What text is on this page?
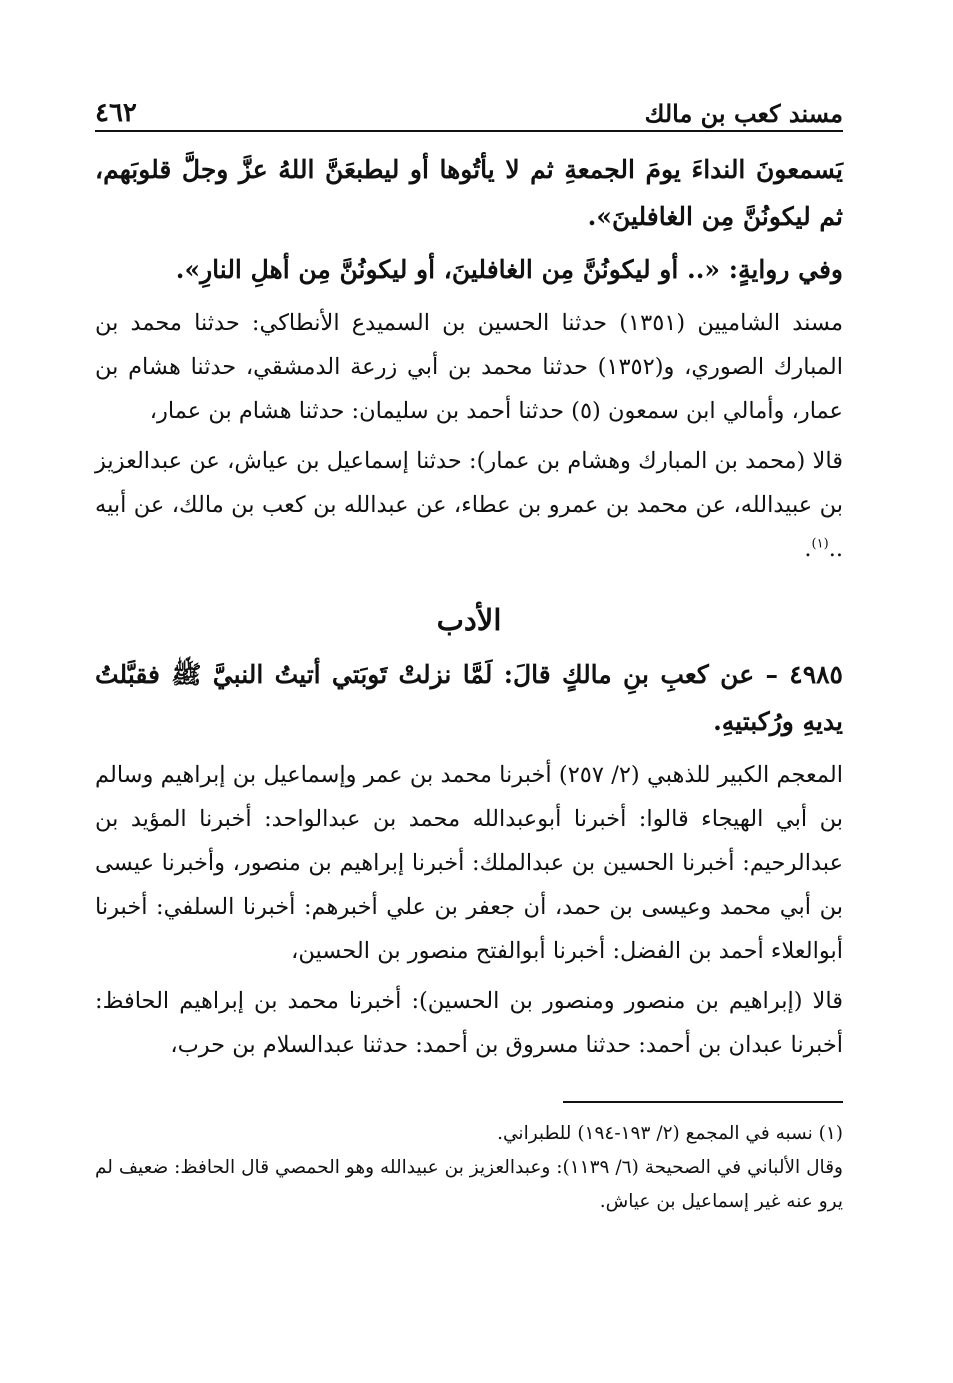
مسند كعب بن مالك
٤٦٢

يَسمعونَ النداءَ يومَ الجمعةِ ثم لا يأتُوها أو ليطبعَنَّ اللهُ عزَّ وجلَّ قلوبَهم، ثم ليكونُنَّ مِن الغافلينَ».

وفي روايةٍ: «.. أو ليكونُنَّ مِن الغافلينَ، أو ليكونُنَّ مِن أهلِ النارِ».

مسند الشاميين (١٣٥١) حدثنا الحسين بن السميدع الأنطاكي: حدثنا محمد بن المبارك الصوري، و(١٣٥٢) حدثنا محمد بن أبي زرعة الدمشقي، حدثنا هشام بن عمار، وأمالي ابن سمعون (٥) حدثنا أحمد بن سليمان: حدثنا هشام بن عمار،

قالا (محمد بن المبارك وهشام بن عمار): حدثنا إسماعيل بن عياش، عن عبدالعزيز بن عبيدالله، عن محمد بن عمرو بن عطاء، عن عبدالله بن كعب بن مالك، عن أبيه ..$^{(١)}$.

الأدب

٤٩٨٥ – عن كعبِ بنِ مالكٍ قالَ: لَمَّا نزلتْ تَوبَتي أتيتُ النبيَّ ﷺ فقبَّلتُ يديهِ ورُكبتيهِ.

المعجم الكبير للذهبي (٢/ ٢٥٧) أخبرنا محمد بن عمر وإسماعيل بن إبراهيم وسالم بن أبي الهيجاء قالوا: أخبرنا أبوعبدالله محمد بن عبدالواحد: أخبرنا المؤيد بن عبدالرحيم: أخبرنا الحسين بن عبدالملك: أخبرنا إبراهيم بن منصور، وأخبرنا عيسى بن أبي محمد وعيسى بن حمد، أن جعفر بن علي أخبرهم: أخبرنا السلفي: أخبرنا أبوالعلاء أحمد بن الفضل: أخبرنا أبوالفتح منصور بن الحسين،

قالا (إبراهيم بن منصور ومنصور بن الحسين): أخبرنا محمد بن إبراهيم الحافظ: أخبرنا عبدان بن أحمد: حدثنا مسروق بن أحمد: حدثنا عبدالسلام بن حرب،

(١) نسبه في المجمع (٢/ ١٩٣-١٩٤) للطبراني.

وقال الألباني في الصحيحة (٦/ ١١٣٩): وعبدالعزيز بن عبيدالله وهو الحمصي قال الحافظ: ضعيف لم يرو عنه غير إسماعيل بن عياش.
